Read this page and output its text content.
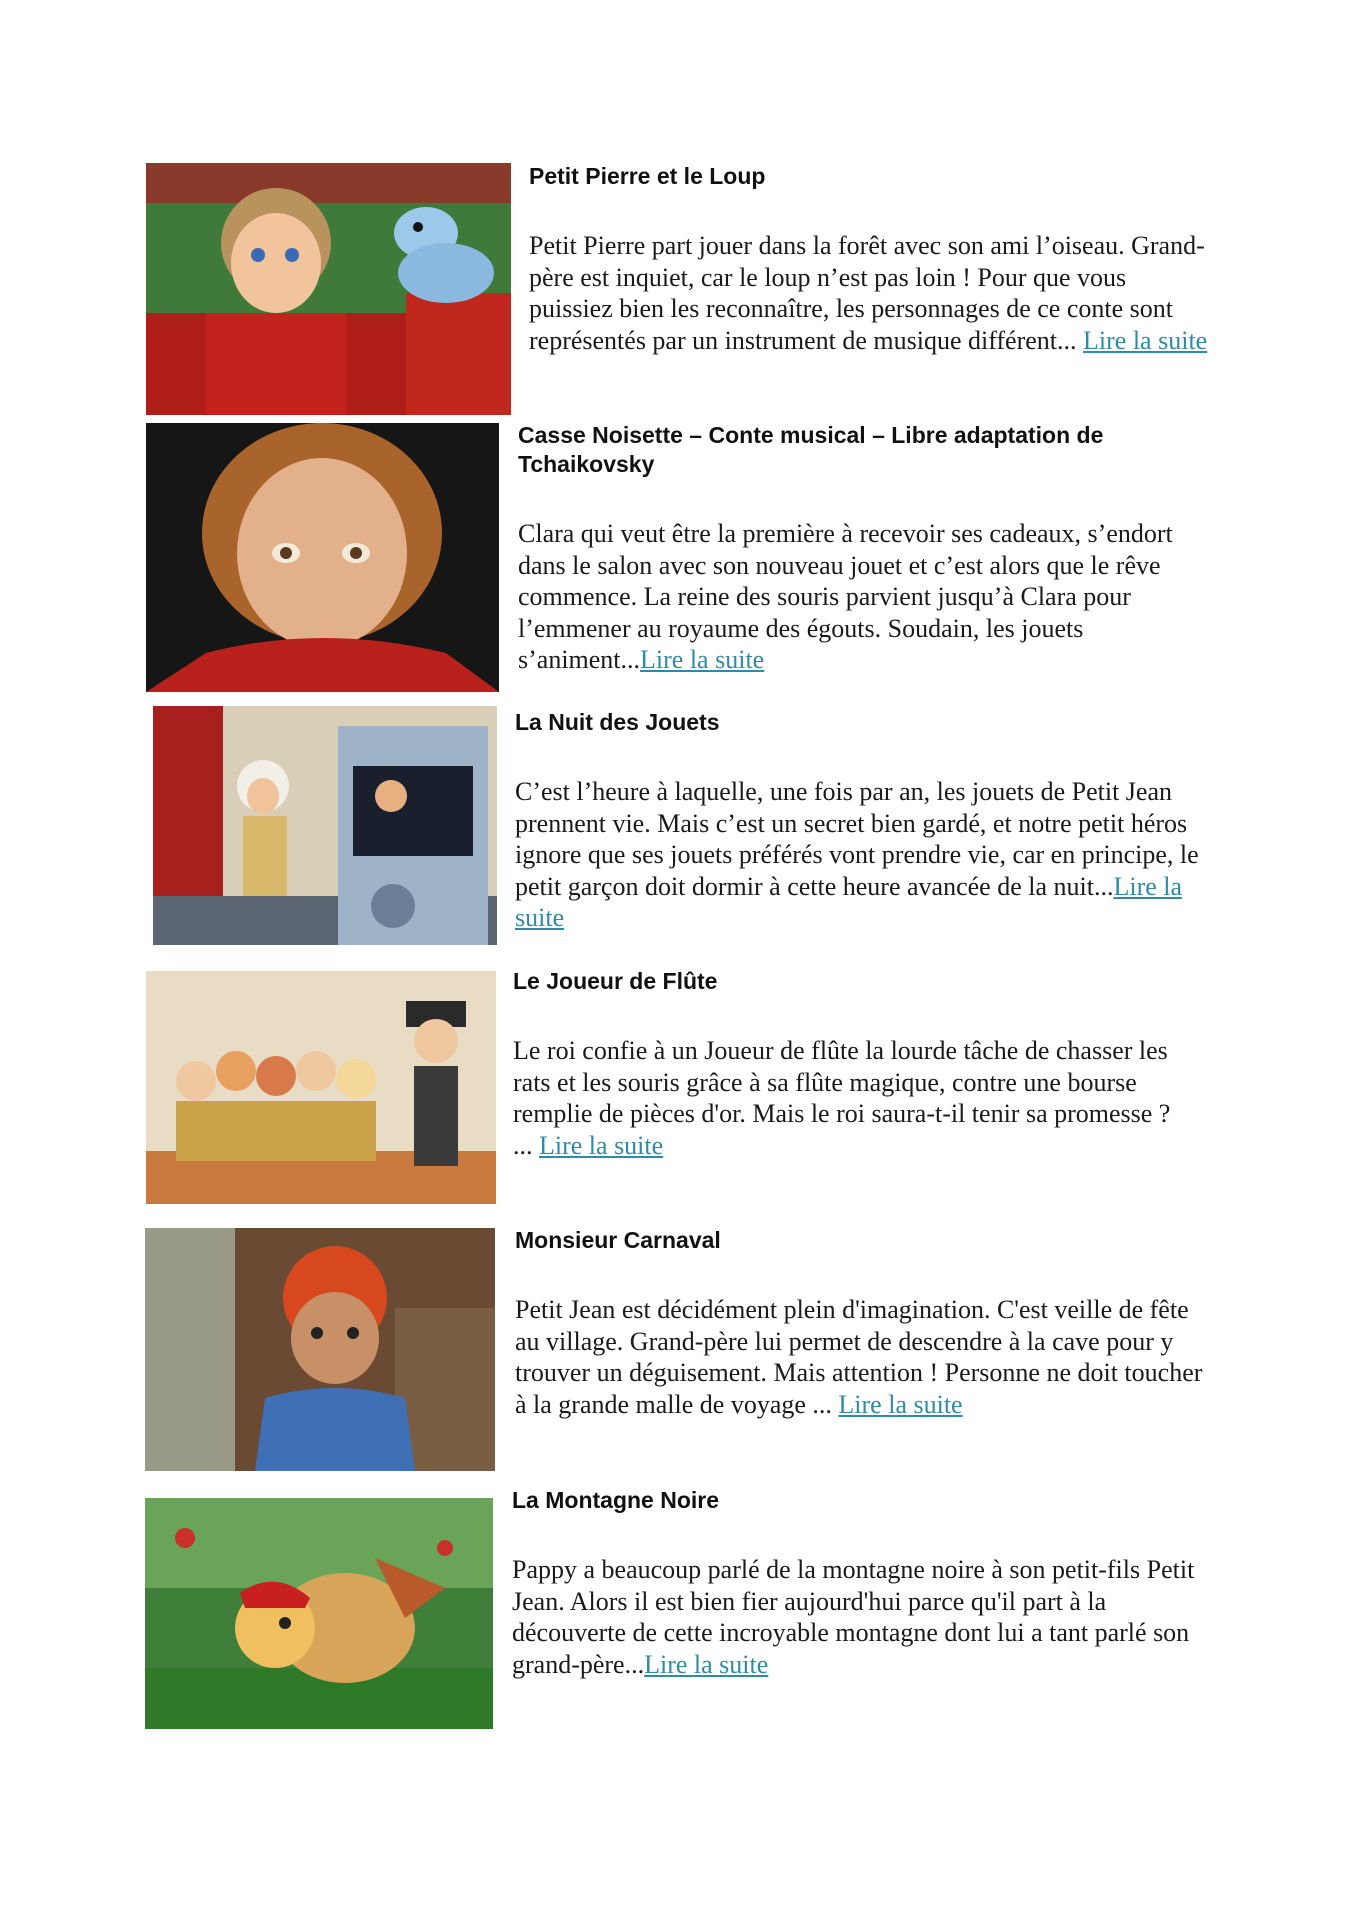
Petit Pierre et le Loup

Petit Pierre part jouer dans la forêt avec son ami l’oiseau. Grand-père est inquiet, car le loup n’est pas loin ! Pour que vous puissiez bien les reconnaître, les personnages de ce conte sont représentés par un instrument de musique différent... Lire la suite

Casse Noisette – Conte musical – Libre adaptation de Tchaikovsky

Clara qui veut être la première à recevoir ses cadeaux, s’endort dans le salon avec son nouveau jouet et c’est alors que le rêve commence. La reine des souris parvient jusqu’à Clara pour l’emmener au royaume des égouts. Soudain, les jouets s’animent...Lire la suite

La Nuit des Jouets

C’est l’heure à laquelle, une fois par an, les jouets de Petit Jean prennent vie. Mais c’est un secret bien gardé, et notre petit héros ignore que ses jouets préférés vont prendre vie, car en principe, le petit garçon doit dormir à cette heure avancée de la nuit...Lire la suite

Le Joueur de Flûte

Le roi confie à un Joueur de flûte la lourde tâche de chasser les rats et les souris grâce à sa flûte magique, contre une bourse remplie de pièces d'or. Mais le roi saura-t-il tenir sa promesse ? ... Lire la suite

Monsieur Carnaval

Petit Jean est décidément plein d'imagination. C'est veille de fête au village. Grand-père lui permet de descendre à la cave pour y trouver un déguisement. Mais attention ! Personne ne doit toucher à la grande malle de voyage ... Lire la suite

La Montagne Noire

Pappy a beaucoup parlé de la montagne noire à son petit-fils Petit Jean. Alors il est bien fier aujourd'hui parce qu'il part à la découverte de cette incroyable montagne dont lui a tant parlé son grand-père...Lire la suite
